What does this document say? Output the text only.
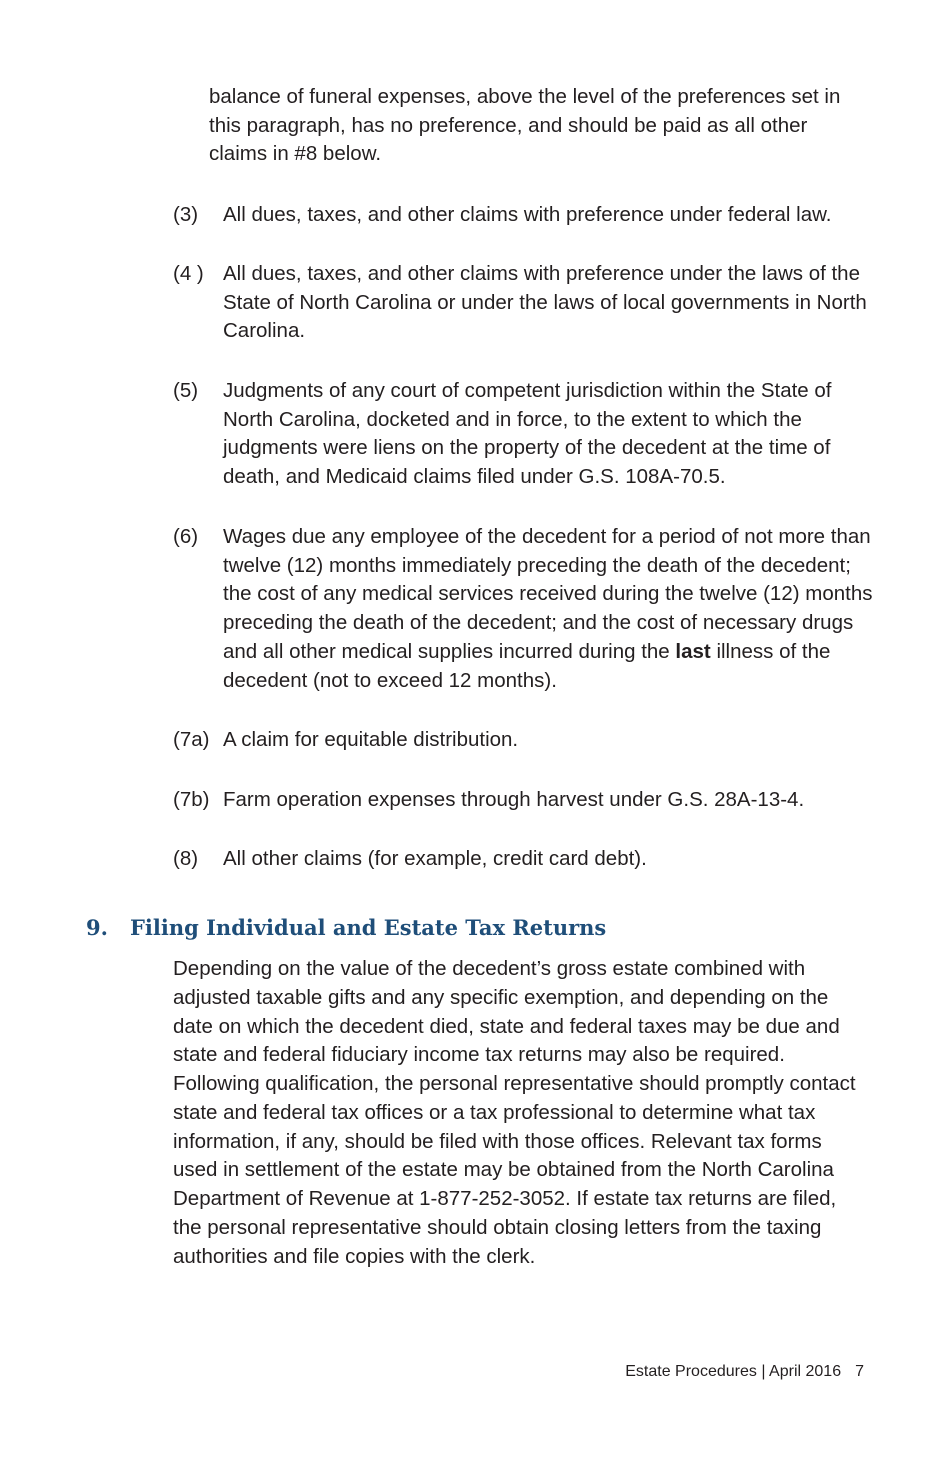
balance of funeral expenses, above the level of the preferences set in this paragraph, has no preference, and should be paid as all other claims in #8 below.

(3)	All dues, taxes, and other claims with preference under federal law.
(4 ) All dues, taxes, and other claims with preference under the laws of the State of North Carolina or under the laws of local governments in North Carolina.
(5)	Judgments of any court of competent jurisdiction within the State of North Carolina, docketed and in force, to the extent to which the judgments were liens on the property of the decedent at the time of death, and Medicaid claims filed under G.S. 108A-70.5.
(6)	Wages due any employee of the decedent for a period of not more than twelve (12) months immediately preceding the death of the decedent; the cost of any medical services received during the twelve (12) months preceding the death of the decedent; and the cost of necessary drugs and all other medical supplies incurred during the last illness of the decedent (not to exceed 12 months).
(7a) A claim for equitable distribution.
(7b) Farm operation expenses through harvest under G.S. 28A-13-4.
(8)	All other claims (for example, credit card debt).
9. Filing Individual and Estate Tax Returns

Depending on the value of the decedent’s gross estate combined with adjusted taxable gifts and any specific exemption, and depending on the date on which the decedent died, state and federal taxes may be due and state and federal fiduciary income tax returns may also be required. Following qualification, the personal representative should promptly contact state and federal tax offices or a tax professional to determine what tax information, if any, should be filed with those offices. Relevant tax forms used in settlement of the estate may be obtained from the North Carolina Department of Revenue at 1-877-252-3052. If estate tax returns are filed, the personal representative should obtain closing letters from the taxing authorities and file copies with the clerk.

Estate Procedures | April 2016 7
